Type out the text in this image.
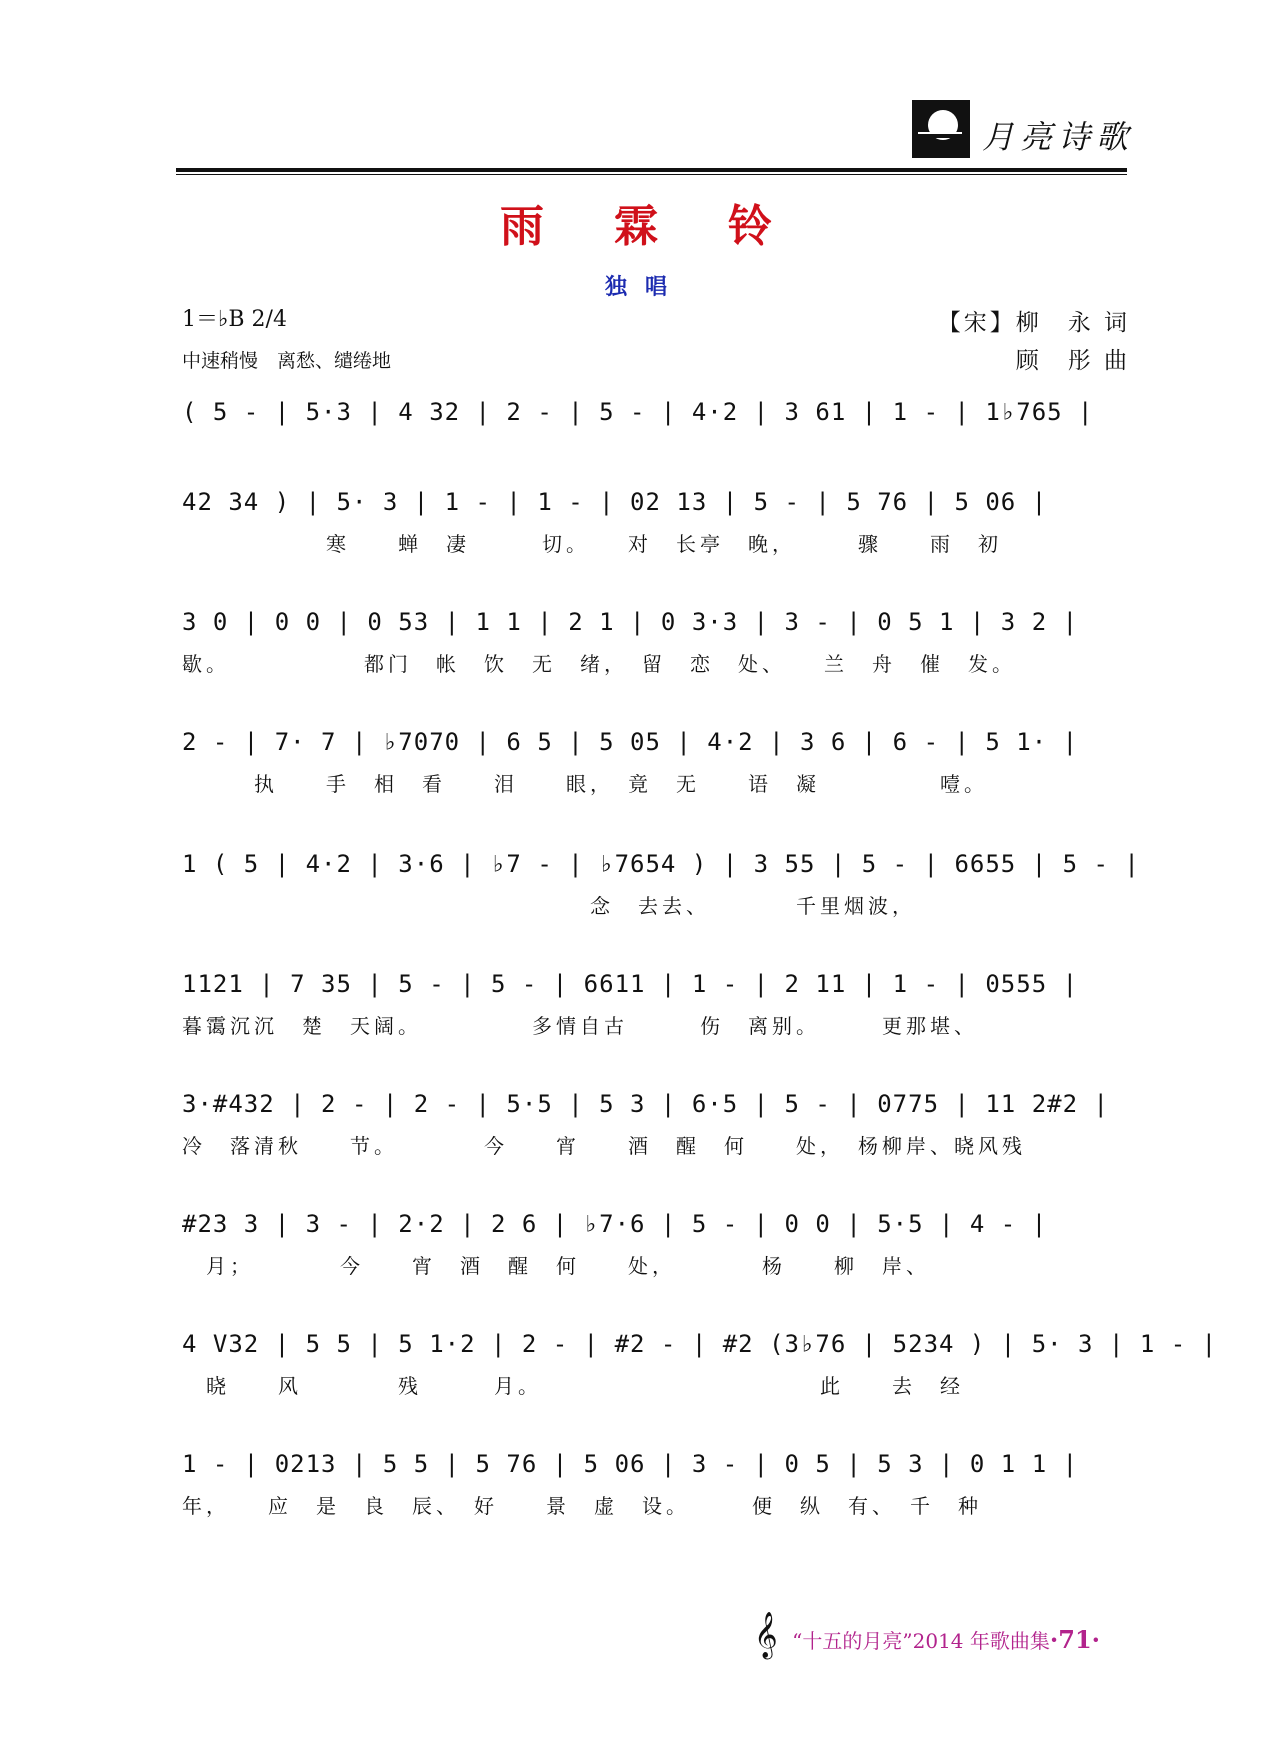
月亮诗歌
雨霖铃
独唱
1＝♭B 2/4
中速稍慢　离愁、缱绻地
【宋】柳　永 词
顾　彤 曲
( 5 - | 5·3 | 4 32 | 2 - | 5 - | 4·2 | 3 61 | 1 - | 1♭765 |
42 34 ) | 5· 3 | 1 - | 1 - | 02 13 | 5 - | 5 76 | 5 06 |
　　　　　　寒　　蝉　凄　　　切。　　对　长亭　晚，　　　骤　　雨　初
3 0 | 0 0 | 0 53 | 1 1 | 2 1 | 0 3·3 | 3 - | 0 5 1 | 3 2 |
歇。　　　　　　都门　帐　饮　无　绪，　留　恋　处、　　兰　舟　催　发。
2 - | 7· 7 | ♭7070 | 6 5 | 5 05 | 4·2 | 3 6 | 6 - | 5 1· |
　　　执　　手　相　看　　泪　　眼，　竟　无　　语　凝　　　　　噎。
1 ( 5 | 4·2 | 3·6 | ♭7 - | ♭7654 ) | 3 55 | 5 - | 6655 | 5 - |
　　　　　　　　　　　　　　　　　念　去去、　　　　千里烟波，
1121 | 7 35 | 5 - | 5 - | 6611 | 1 - | 2 11 | 1 - | 0555 |
暮霭沉沉　楚　天阔。　　　　　多情自古　　　伤　离别。　　　更那堪、
3·#432 | 2 - | 2 - | 5·5 | 5 3 | 6·5 | 5 - | 0775 | 11 2#2 |
冷　落清秋　　节。　　　　今　　宵　　酒　醒　何　　处，　杨柳岸、晓风残
#23 3 | 3 - | 2·2 | 2 6 | ♭7·6 | 5 - | 0 0 | 5·5 | 4 - |
　月；　　　　今　　宵　酒　醒　何　　处，　　　　杨　　柳　岸、
4 V32 | 5 5 | 5 1·2 | 2 - | #2 - | #2 (3♭76 | 5234 ) | 5· 3 | 1 - |
　晓　　风　　　　残　　　月。　　　　　　　　　　　　此　　去　经
1 - | 0213 | 5 5 | 5 76 | 5 06 | 3 - | 0 5 | 5 3 | 0 1 1 |
年，　　应　是　良　辰、　好　　景　虚　设。　　　便　纵　有、　千　种
𝄞 “十五的月亮”2014 年歌曲集·71·
